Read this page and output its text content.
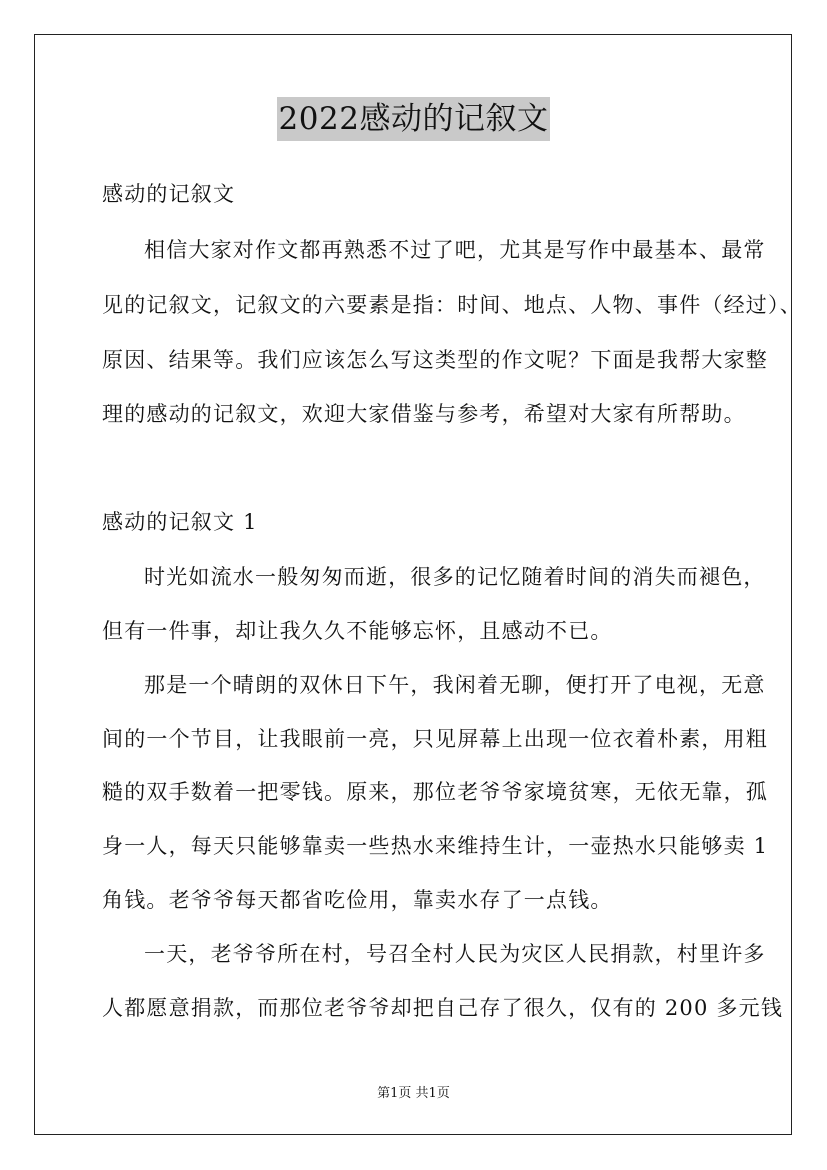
2022感动的记叙文
感动的记叙文
相信大家对作文都再熟悉不过了吧，尤其是写作中最基本、最常
见的记叙文，记叙文的六要素是指：时间、地点、人物、事件（经过）、
原因、结果等。我们应该怎么写这类型的作文呢？下面是我帮大家整
理的感动的记叙文，欢迎大家借鉴与参考，希望对大家有所帮助。
感动的记叙文 1
时光如流水一般匆匆而逝，很多的记忆随着时间的消失而褪色，
但有一件事，却让我久久不能够忘怀，且感动不已。
那是一个晴朗的双休日下午，我闲着无聊，便打开了电视，无意
间的一个节目，让我眼前一亮，只见屏幕上出现一位衣着朴素，用粗
糙的双手数着一把零钱。原来，那位老爷爷家境贫寒，无依无靠，孤
身一人，每天只能够靠卖一些热水来维持生计，一壶热水只能够卖 1
角钱。老爷爷每天都省吃俭用，靠卖水存了一点钱。
一天，老爷爷所在村，号召全村人民为灾区人民捐款，村里许多
人都愿意捐款，而那位老爷爷却把自己存了很久，仅有的 200 多元钱
第1页 共1页
